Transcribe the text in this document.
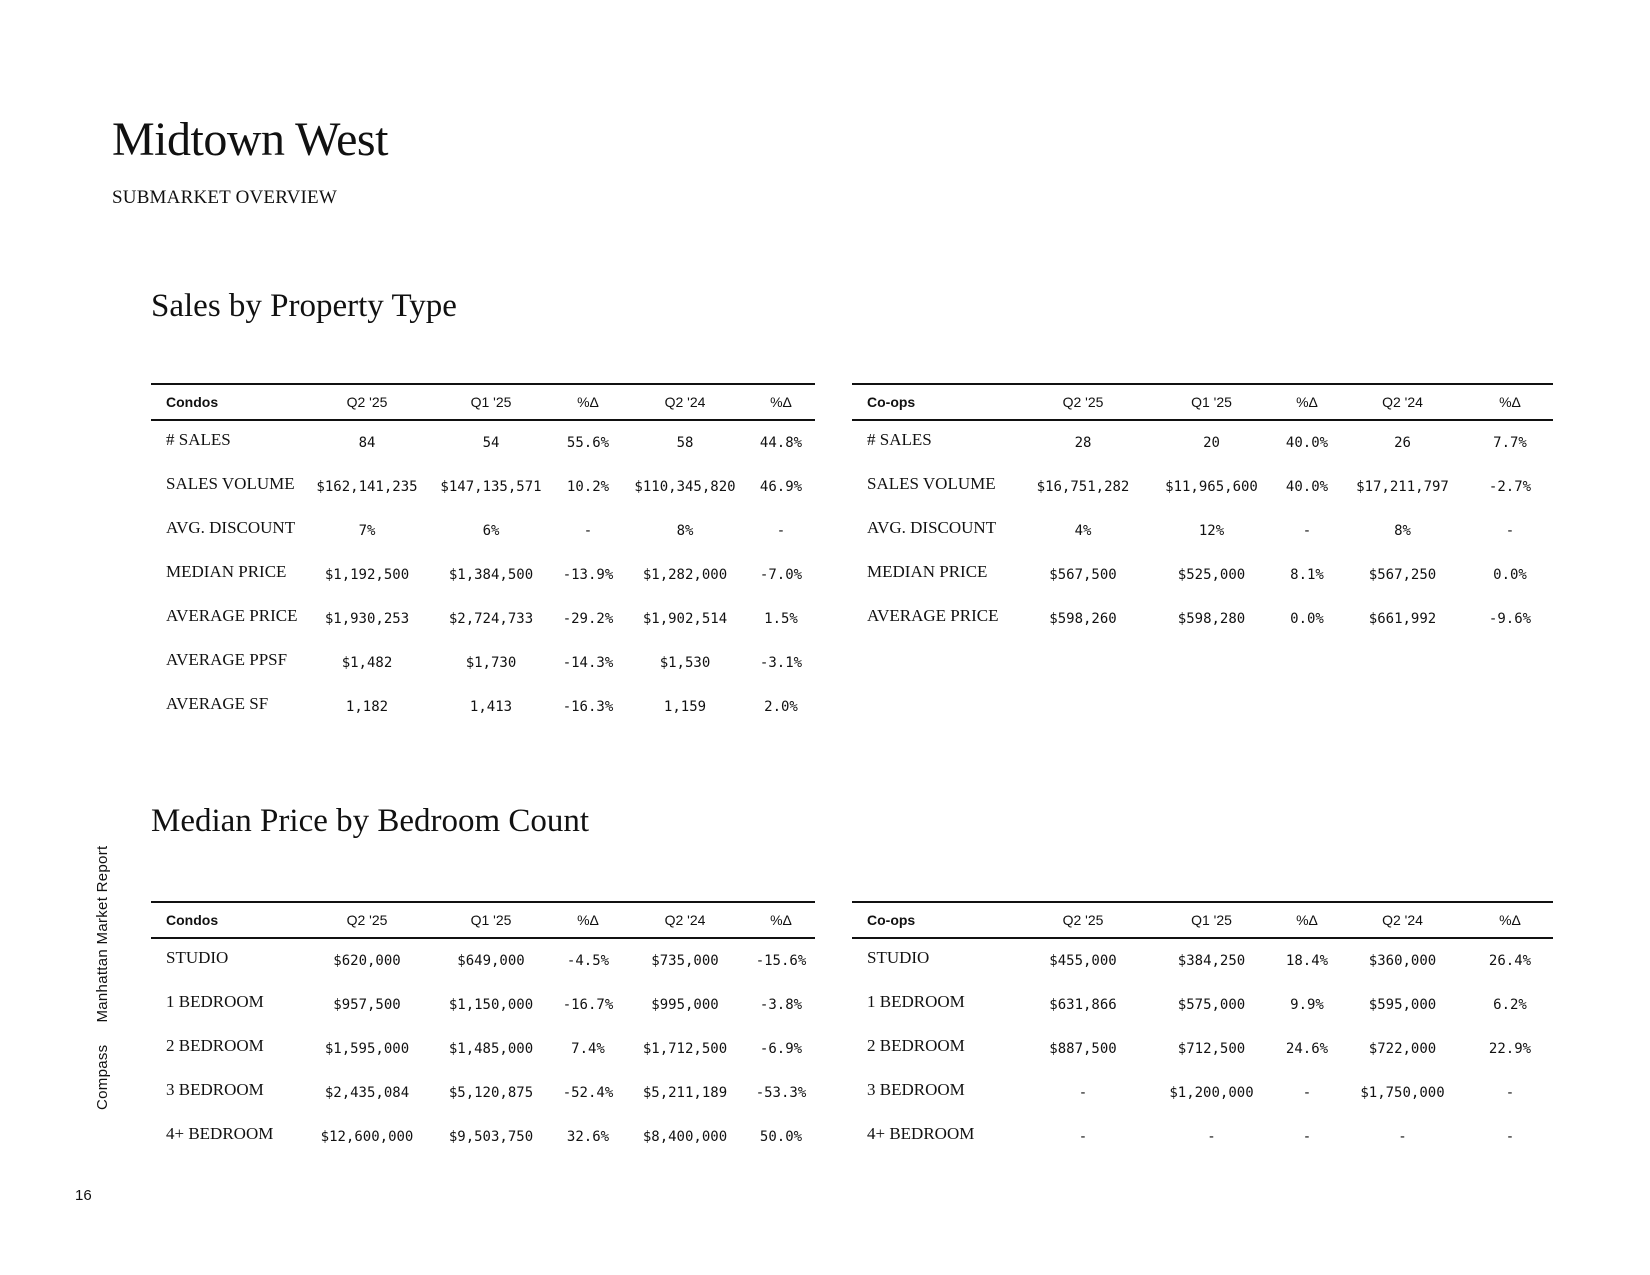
Midtown West
SUBMARKET OVERVIEW
Sales by Property Type
Condos	Q2 '25	Q1 '25	%Δ	Q2 '24	%Δ
# SALES	84	54	55.6%	58	44.8%
SALES VOLUME	$162,141,235	$147,135,571	10.2%	$110,345,820	46.9%
AVG. DISCOUNT	7%	6%	-	8%	-
MEDIAN PRICE	$1,192,500	$1,384,500	-13.9%	$1,282,000	-7.0%
AVERAGE PRICE	$1,930,253	$2,724,733	-29.2%	$1,902,514	1.5%
AVERAGE PPSF	$1,482	$1,730	-14.3%	$1,530	-3.1%
AVERAGE SF	1,182	1,413	-16.3%	1,159	2.0%
Co-ops	Q2 '25	Q1 '25	%Δ	Q2 '24	%Δ
# SALES	28	20	40.0%	26	7.7%
SALES VOLUME	$16,751,282	$11,965,600	40.0%	$17,211,797	-2.7%
AVG. DISCOUNT	4%	12%	-	8%	-
MEDIAN PRICE	$567,500	$525,000	8.1%	$567,250	0.0%
AVERAGE PRICE	$598,260	$598,280	0.0%	$661,992	-9.6%
Median Price by Bedroom Count
Condos	Q2 '25	Q1 '25	%Δ	Q2 '24	%Δ
STUDIO	$620,000	$649,000	-4.5%	$735,000	-15.6%
1 BEDROOM	$957,500	$1,150,000	-16.7%	$995,000	-3.8%
2 BEDROOM	$1,595,000	$1,485,000	7.4%	$1,712,500	-6.9%
3 BEDROOM	$2,435,084	$5,120,875	-52.4%	$5,211,189	-53.3%
4+ BEDROOM	$12,600,000	$9,503,750	32.6%	$8,400,000	50.0%
Co-ops	Q2 '25	Q1 '25	%Δ	Q2 '24	%Δ
STUDIO	$455,000	$384,250	18.4%	$360,000	26.4%
1 BEDROOM	$631,866	$575,000	9.9%	$595,000	6.2%
2 BEDROOM	$887,500	$712,500	24.6%	$722,000	22.9%
3 BEDROOM	-	$1,200,000	-	$1,750,000	-
4+ BEDROOM	-	-	-	-	-
CompassManhattan Market Report
16
